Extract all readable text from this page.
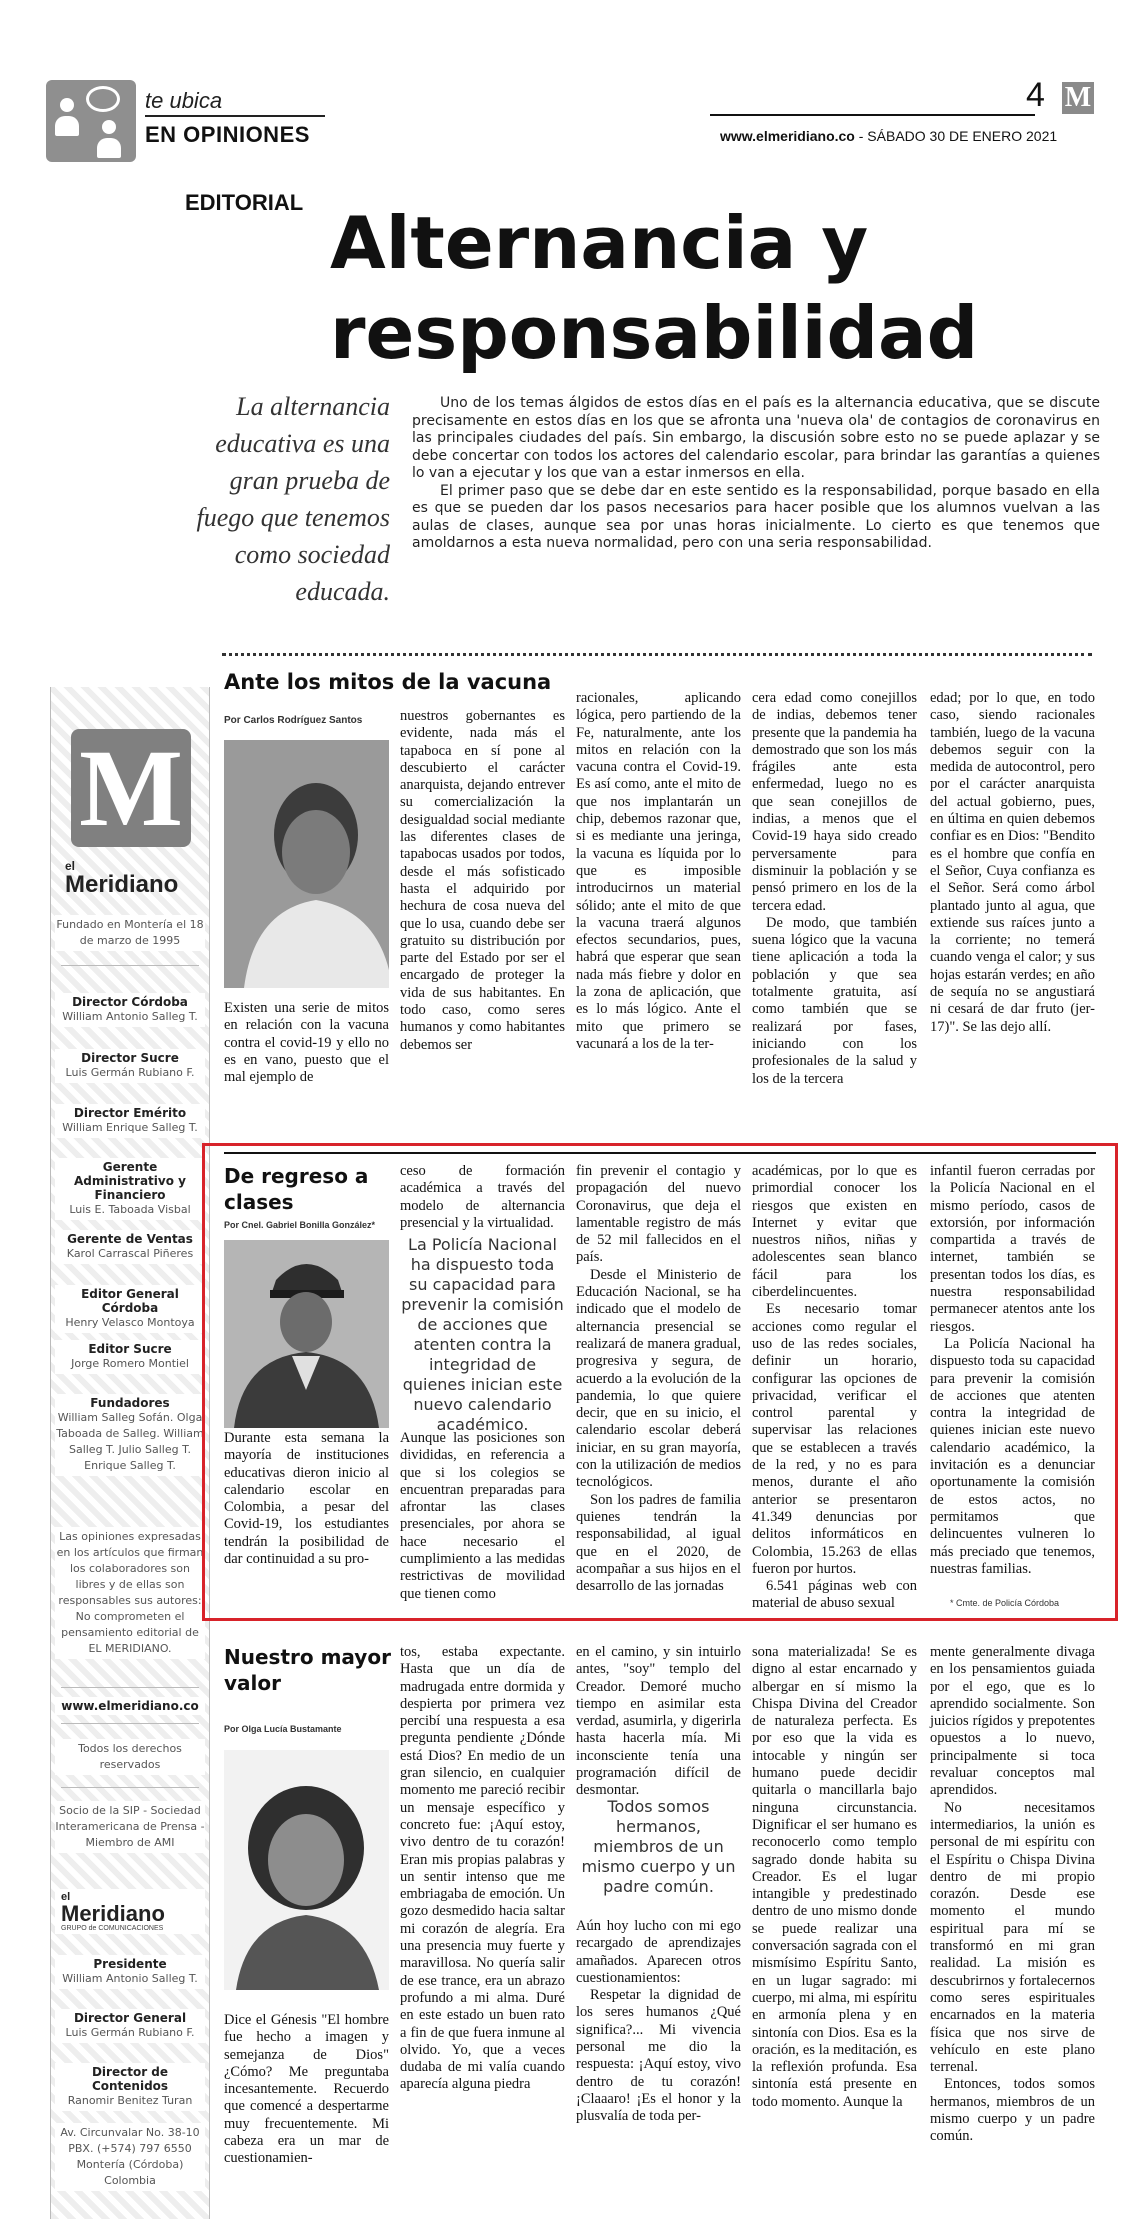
te ubica
EN OPINIONES
4 M
www.elmeridiano.co - SÁBADO 30 DE ENERO 2021
EDITORIAL Alternancia y responsabilidad
La alternancia educativa es una gran prueba de fuego que tenemos como sociedad educada.

Uno de los temas álgidos de estos días en el país es la alternancia educativa, que se discute precisamente en estos días en los que se afronta una 'nueva ola' de contagios de coronavirus en las principales ciudades del país. Sin embargo, la discusión sobre esto no se puede aplazar y se debe concertar con todos los actores del calendario escolar, para brindar las garantías a quienes lo van a ejecutar y los que van a estar inmersos en ella.

El primer paso que se debe dar en este sentido es la responsabilidad, porque basado en ella es que se pueden dar los pasos necesarios para hacer posible que los alumnos vuelvan a las aulas de clases, aunque sea por unas horas inicialmente. Lo cierto es que tenemos que amoldarnos a esta nueva normalidad, pero con una seria responsabilidad.

M
el
Meridiano
Fundado en Montería el 18 de marzo de 1995
Director Córdoba
William Antonio Salleg T.
Director Sucre
Luis Germán Rubiano F.
Director Emérito
William Enrique Salleg T.
Gerente Administrativo y Financiero
Luis E. Taboada Visbal
Gerente de Ventas
Karol Carrascal Piñeres
Editor General Córdoba
Henry Velasco Montoya
Editor Sucre
Jorge Romero Montiel
Fundadores
William Salleg Sofán. Olga Taboada de Salleg. William Salleg T. Julio Salleg T. Enrique Salleg T.
Las opiniones expresadas en los artículos que firman los colaboradores son libres y de ellas son responsables sus autores: No comprometen el pensamiento editorial de EL MERIDIANO.
www.elmeridiano.co
Todos los derechos reservados
Socio de la SIP - Sociedad Interamericana de Prensa - Miembro de AMI
el
Meridiano
GRUPO de COMUNICACIONES
Presidente
William Antonio Salleg T.
Director General
Luis Germán Rubiano F.
Director de Contenidos
Ranomir Benitez Turan
Av. Circunvalar No. 38-10 PBX. (+574) 797 6550 Montería (Córdoba) Colombia
Ante los mitos de la vacuna
Por Carlos Rodríguez Santos
Existen una serie de mitos en relación con la vacuna contra el covid-19 y ello no es en vano, puesto que el mal ejemplo de
nuestros gobernantes es evidente, nada más el tapaboca en sí pone al descubierto el carácter anarquista, dejando entrever su comercialización la desigualdad social mediante las diferentes clases de tapabocas usados por todos, desde el más sofisticado hasta el adquirido por hechura de cosa nueva del que lo usa, cuando debe ser gratuito su distribución por parte del Estado por ser el encargado de proteger la vida de sus habitantes. En todo caso, como seres humanos y como habitantes debemos ser
racionales, aplicando lógica, pero partiendo de la Fe, naturalmente, ante los mitos en relación con la vacuna contra el Covid-19. Es así como, ante el mito de que nos implantarán un chip, debemos razonar que, si es mediante una jeringa, la vacuna es líquida por lo que es imposible introducirnos un material sólido; ante el mito de que la vacuna traerá algunos efectos secundarios, pues, habrá que esperar que sean nada más fiebre y dolor en la zona de aplicación, que es lo más lógico. Ante el mito que primero se vacunará a los de la ter-

cera edad como conejillos de indias, debemos tener presente que la pandemia ha demostrado que son los más frágiles ante esta enfermedad, luego no es que sean conejillos de indias, a menos que el Covid-19 haya sido creado perversamente para disminuir la población y se pensó primero en los de la tercera edad.

De modo, que también suena lógico que la vacuna tiene aplicación a toda la población y que sea totalmente gratuita, así como también que se realizará por fases, iniciando con los profesionales de la salud y los de la tercera

edad; por lo que, en todo caso, siendo racionales también, luego de la vacuna debemos seguir con la medida de autocontrol, pero por el carácter anarquista del actual gobierno, pues, en última en quien debemos confiar es en Dios: "Bendito es el hombre que confía en el Señor, Cuya confianza es el Señor. Será como árbol plantado junto al agua, que extiende sus raíces junto a la corriente; no temerá cuando venga el calor; y sus hojas estarán verdes; en año de sequía no se angustiará ni cesará de dar fruto (jer-17)". Se las dejo allí.
De regreso a clases
Por Cnel. Gabriel Bonilla González*
Durante esta semana la mayoría de instituciones educativas dieron inicio al calendario escolar en Colombia, a pesar del Covid-19, los estudiantes tendrán la posibilidad de dar continuidad a su pro-
ceso de formación académica a través del modelo de alternancia presencial y la virtualidad.
La Policía Nacional ha dispuesto toda su capacidad para prevenir la comisión de acciones que atenten contra la integridad de quienes inician este nuevo calendario académico.
Aunque las posiciones son divididas, en referencia a que si los colegios se encuentran preparadas para afrontar las clases presenciales, por ahora se hace necesario el cumplimiento a las medidas restrictivas de movilidad que tienen como

fin prevenir el contagio y propagación del nuevo Coronavirus, que deja el lamentable registro de más de 52 mil fallecidos en el país.

Desde el Ministerio de Educación Nacional, se ha indicado que el modelo de alternancia presencial se realizará de manera gradual, progresiva y segura, de acuerdo a la evolución de la pandemia, lo que quiere decir, que en su inicio, el calendario escolar deberá iniciar, en su gran mayoría, con la utilización de medios tecnológicos.

Son los padres de familia quienes tendrán la responsabilidad, al igual que en el 2020, de acompañar a sus hijos en el desarrollo de las jornadas

académicas, por lo que es primordial conocer los riesgos que existen en Internet y evitar que nuestros niños, niñas y adolescentes sean blanco fácil para los ciberdelincuentes.

Es necesario tomar acciones como regular el uso de las redes sociales, definir un horario, configurar las opciones de privacidad, verificar el control parental y supervisar las relaciones que se establecen a través de la red, y no es para menos, durante el año anterior se presentaron 41.349 denuncias por delitos informáticos en Colombia, 15.263 de ellas fueron por hurtos.

6.541 páginas web con material de abuso sexual

infantil fueron cerradas por la Policía Nacional en el mismo período, casos de extorsión, por información compartida a través de internet, también se presentan todos los días, es nuestra responsabilidad permanecer atentos ante los riesgos.

La Policía Nacional ha dispuesto toda su capacidad para prevenir la comisión de acciones que atenten contra la integridad de quienes inician este nuevo calendario académico, la invitación es a denunciar oportunamente la comisión de estos actos, no permitamos que delincuentes vulneren lo más preciado que tenemos, nuestras familias.

* Cmte. de Policía Córdoba
Nuestro mayor valor
Por Olga Lucía Bustamante
Dice el Génesis "El hombre fue hecho a imagen y semejanza de Dios" ¿Cómo? Me preguntaba incesantemente. Recuerdo que comencé a despertarme muy frecuentemente. Mi cabeza era un mar de cuestionamien-
tos, estaba expectante. Hasta que un día de madrugada entre dormida y despierta por primera vez percibí una respuesta a esa pregunta pendiente ¿Dónde está Dios? En medio de un gran silencio, en cualquier momento me pareció recibir un mensaje específico y concreto fue: ¡Aquí estoy, vivo dentro de tu corazón! Eran mis propias palabras y un sentir intenso que me embriagaba de emoción. Un gozo desmedido hacia saltar mi corazón de alegría. Era una presencia muy fuerte y maravillosa. No quería salir de ese trance, era un abrazo profundo a mi alma. Duré en este estado un buen rato a fin de que fuera inmune al olvido. Yo, que a veces dudaba de mi valía cuando aparecía alguna piedra
en el camino, y sin intuirlo antes, "soy" templo del Creador. Demoré mucho tiempo en asimilar esta verdad, asumirla, y digerirla hasta hacerla mía. Mi inconsciente tenía una programación difícil de desmontar.
Todos somos hermanos, miembros de un mismo cuerpo y un padre común.

Aún hoy lucho con mi ego recargado de aprendizajes amañados. Aparecen otros cuestionamientos:

Respetar la dignidad de los seres humanos ¿Qué significa?... Mi vivencia personal me dio la respuesta: ¡Aquí estoy, vivo dentro de tu corazón! ¡Claaaro! ¡Es el honor y la plusvalía de toda per-

sona materializada! Se es digno al estar encarnado y albergar en sí mismo la Chispa Divina del Creador de naturaleza perfecta. Es por eso que la vida es intocable y ningún ser humano puede decidir quitarla o mancillarla bajo ninguna circunstancia. Dignificar el ser humano es reconocerlo como templo sagrado donde habita su Creador. Es el lugar intangible y predestinado dentro de uno mismo donde se puede realizar una conversación sagrada con el mismísimo Espíritu Santo, en un lugar sagrado: mi cuerpo, mi alma, mi espíritu en armonía plena y en sintonía con Dios. Esa es la oración, es la meditación, es la reflexión profunda. Esa sintonía está presente en todo momento. Aunque la

mente generalmente divaga en los pensamientos guiada por el ego, que es lo aprendido socialmente. Son juicios rígidos y prepotentes opuestos a lo nuevo, principalmente si toca revaluar conceptos mal aprendidos.

No necesitamos intermediarios, la unión es personal de mi espíritu con el Espíritu o Chispa Divina dentro de mi propio corazón. Desde ese momento el mundo espiritual para mí se transformó en mi gran realidad. La misión es descubrirnos y fortalecernos como seres espirituales encarnados en la materia física que nos sirve de vehículo en este plano terrenal.

Entonces, todos somos hermanos, miembros de un mismo cuerpo y un padre común.
